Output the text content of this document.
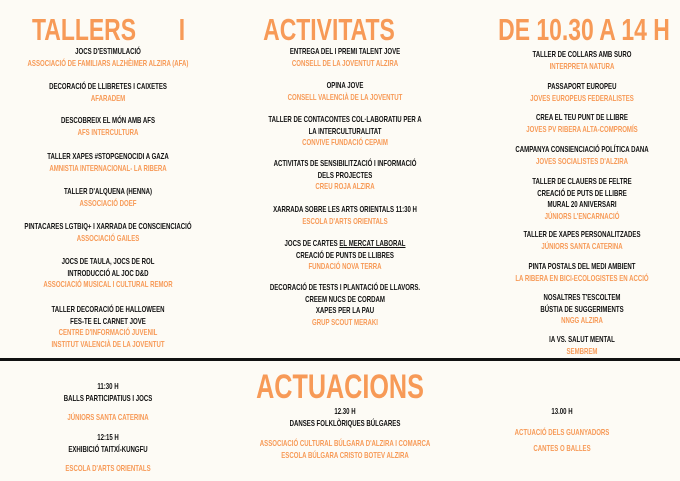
TALLERS	I	ACTIVITATS	DE 10.30 A 14 H
JOCS D'ESTIMULACIÓ
ASSOCIACIÓ DE FAMILIARS ALZHÈIMER ALZIRA (AFA)
DECORACIÓ DE LLIBRETES I CAIXETES
AFARADEM
DESCOBREIX EL MÓN AMB AFS
AFS INTERCULTURA
TALLER XAPES #STOPGENOCIDI A GAZA
AMNISTIA INTERNACIONAL- LA RIBERA
TALLER D'ALQUENA (HENNA)
ASSOCIACIÓ DOEF
PINTACARES LGTBIQ+ I XARRADA DE CONSCIENCIACIÓ
ASSOCIACIÓ GAILES
JOCS DE TAULA, JOCS DE ROL
INTRODUCCIÓ AL JOC D&D
ASSOCIACIÓ MUSICAL I CULTURAL REMOR
TALLER DECORACIÓ DE HALLOWEEN
FES-TE EL CARNET JOVE
CENTRE D'INFORMACIÓ JUVENIL
INSTITUT VALENCIÀ DE LA JOVENTUT
ENTREGA DEL I PREMI TALENT JOVE
CONSELL DE LA JOVENTUT ALZIRA
OPINA JOVE
CONSELL VALENCIÀ DE LA JOVENTUT
TALLER DE CONTACONTES COL·LABORATIU PER A
LA INTERCULTURALITAT
CONVIVE FUNDACIÓ CEPAIM
ACTIVITATS DE SENSIBILITZACIÓ I INFORMACIÓ
DELS PROJECTES
CREU ROJA ALZIRA
XARRADA SOBRE LES ARTS ORIENTALS 11:30 H
ESCOLA D'ARTS ORIENTALS
JOCS DE CARTES EL MERCAT LABORAL
CREACIÓ DE PUNTS DE LLIBRES
FUNDACIÓ NOVA TERRA
DECORACIÓ DE TESTS I PLANTACIÓ DE LLAVORS.
CREEM NUCS DE CORDAM
XAPES PER LA PAU
GRUP SCOUT MERAKI
TALLER DE COLLARS AMB SURO
INTERPRETA NATURA
PASSAPORT EUROPEU
JOVES EUROPEUS FEDERALISTES
CREA EL TEU PUNT DE LLIBRE
JOVES PV RIBERA ALTA-COMPROMÍS
CAMPANYA CONSIENCIACIÓ POLÍTICA DANA
JOVES SOCIALISTES D'ALZIRA
TALLER DE CLAUERS DE FELTRE
CREACIÓ DE PUTS DE LLIBRE
MURAL 20 ANIVERSARI
JÚNIORS L'ENCARNACIÓ
TALLER DE XAPES PERSONALITZADES
JÚNIORS SANTA CATERINA
PINTA POSTALS DEL MEDI AMBIENT
LA RIBERA EN BICI-ECOLOGISTES EN ACCIÓ
NOSALTRES T'ESCOLTEM
BÚSTIA DE SUGGERIMENTS
NNGG ALZIRA
IA VS. SALUT MENTAL
SEMBREM
11:30 H
BALLS PARTICIPATIUS I JOCS
JÚNIORS SANTA CATERINA
12:15 H
EXHIBICIÓ TAITXÍ-KUNGFU
ESCOLA D'ARTS ORIENTALS
12.30 H
DANSES FOLKLÒRIQUES BÚLGARES
ASSOCIACIÓ CULTURAL BÚLGARA D'ALZIRA I COMARCA
ESCOLA BÚLGARA CRISTO BOTEV ALZIRA
13.00 H
ACTUACIÓ DELS GUANYADORS
CANTES O BALLES
ACTUACIONS
